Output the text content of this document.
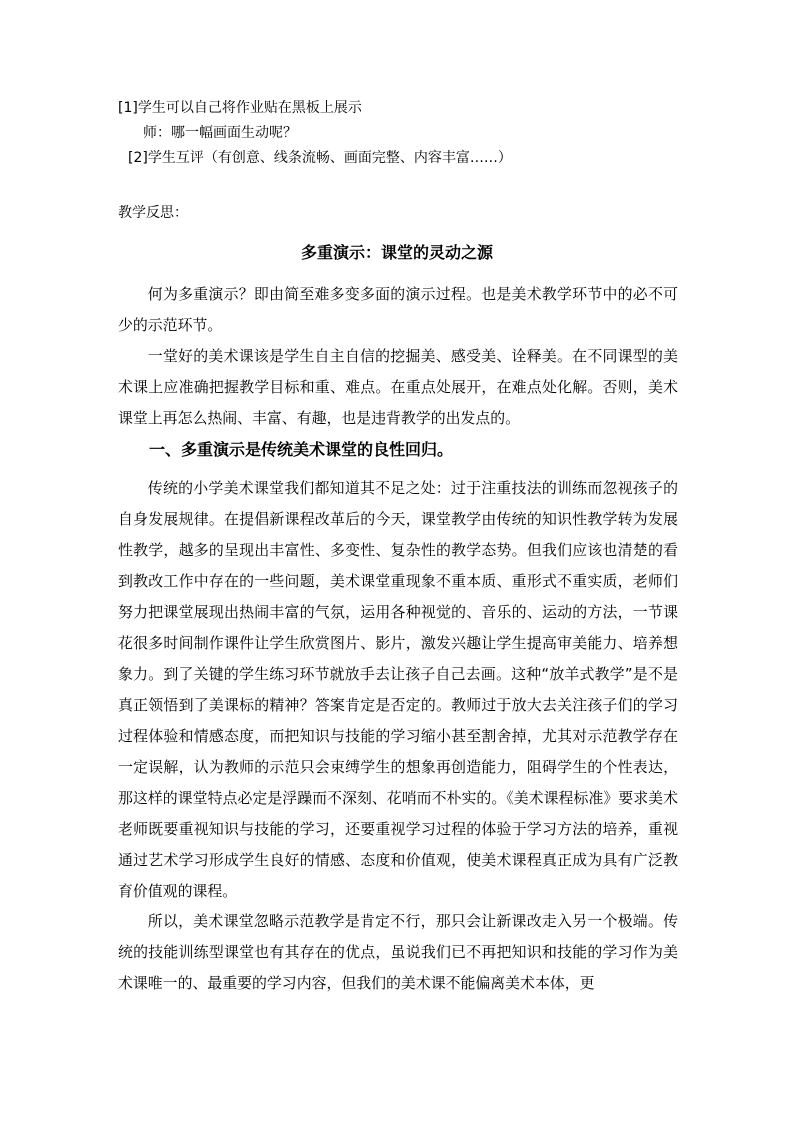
[1]学生可以自己将作业贴在黑板上展示
师：哪一幅画面生动呢？
[2]学生互评（有创意、线条流畅、画面完整、内容丰富……）
教学反思：
多重演示：课堂的灵动之源

何为多重演示？即由简至难多变多面的演示过程。也是美术教学环节中的必不可少的示范环节。

一堂好的美术课该是学生自主自信的挖掘美、感受美、诠释美。在不同课型的美术课上应准确把握教学目标和重、难点。在重点处展开，在难点处化解。否则，美术课堂上再怎么热闹、丰富、有趣，也是违背教学的出发点的。

一、多重演示是传统美术课堂的良性回归。

传统的小学美术课堂我们都知道其不足之处：过于注重技法的训练而忽视孩子的自身发展规律。在提倡新课程改革后的今天，课堂教学由传统的知识性教学转为发展性教学，越多的呈现出丰富性、多变性、复杂性的教学态势。但我们应该也清楚的看到教改工作中存在的一些问题，美术课堂重现象不重本质、重形式不重实质，老师们努力把课堂展现出热闹丰富的气氛，运用各种视觉的、音乐的、运动的方法，一节课花很多时间制作课件让学生欣赏图片、影片，激发兴趣让学生提高审美能力、培养想象力。到了关键的学生练习环节就放手去让孩子自己去画。这种“放羊式教学”是不是真正领悟到了美课标的精神？答案肯定是否定的。教师过于放大去关注孩子们的学习过程体验和情感态度，而把知识与技能的学习缩小甚至割舍掉，尤其对示范教学存在一定误解，认为教师的示范只会束缚学生的想象再创造能力，阻碍学生的个性表达，那这样的课堂特点必定是浮躁而不深刻、花哨而不朴实的。《美术课程标准》要求美术老师既要重视知识与技能的学习，还要重视学习过程的体验于学习方法的培养，重视通过艺术学习形成学生良好的情感、态度和价值观，使美术课程真正成为具有广泛教育价值观的课程。

所以，美术课堂忽略示范教学是肯定不行，那只会让新课改走入另一个极端。传统的技能训练型课堂也有其存在的优点，虽说我们已不再把知识和技能的学习作为美术课唯一的、最重要的学习内容，但我们的美术课不能偏离美术本体，更
